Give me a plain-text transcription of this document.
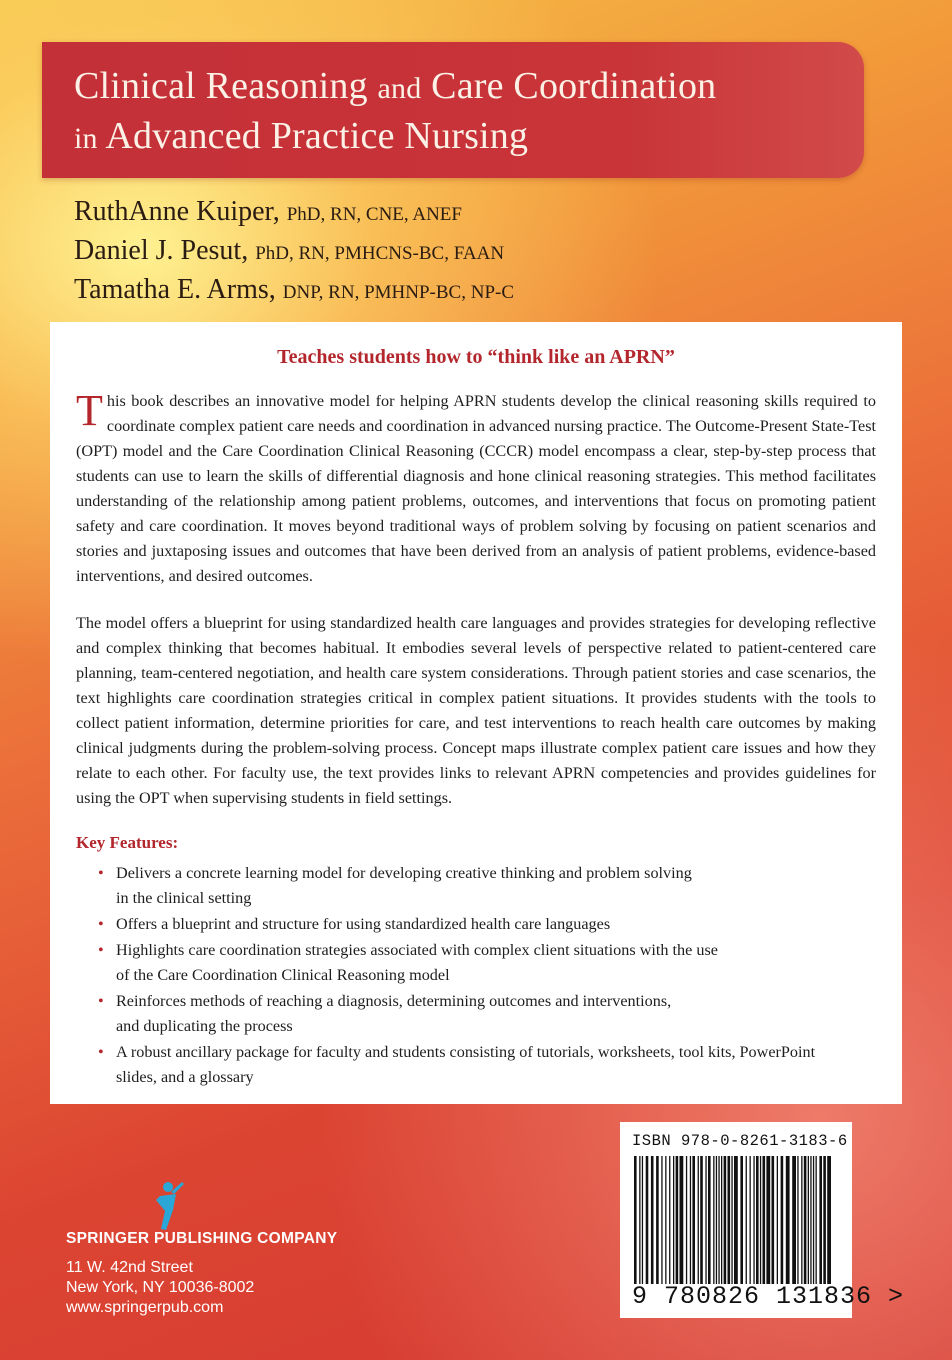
Clinical Reasoning and Care Coordination
in Advanced Practice Nursing
RuthAnne Kuiper, PhD, RN, CNE, ANEF
Daniel J. Pesut, PhD, RN, PMHCNS-BC, FAAN
Tamatha E. Arms, DNP, RN, PMHNP-BC, NP-C
Teaches students how to “think like an APRN”

This book describes an innovative model for helping APRN students develop the clinical reasoning skills required to coordinate complex patient care needs and coordination in advanced nursing practice. The Outcome-Present State-Test (OPT) model and the Care Coordination Clinical Reasoning (CCCR) model encompass a clear, step-by-step process that students can use to learn the skills of differential diagnosis and hone clinical reasoning strategies. This method facilitates understanding of the relationship among patient problems, outcomes, and interventions that focus on promoting patient safety and care coordination. It moves beyond traditional ways of problem solving by focusing on patient scenarios and stories and juxtaposing issues and outcomes that have been derived from an analysis of patient problems, evidence-based interventions, and desired outcomes.

The model offers a blueprint for using standardized health care languages and provides strategies for developing reflective and complex thinking that becomes habitual. It embodies several levels of perspective related to patient-centered care planning, team-centered negotiation, and health care system considerations. Through patient stories and case scenarios, the text highlights care coordination strategies critical in complex patient situations. It provides students with the tools to collect patient information, determine priorities for care, and test interventions to reach health care outcomes by making clinical judgments during the problem-solving process. Concept maps illustrate complex patient care issues and how they relate to each other. For faculty use, the text provides links to relevant APRN competencies and provides guidelines for using the OPT when supervising students in field settings.

Key Features:
• Delivers a concrete learning model for developing creative thinking and problem solving
in the clinical setting
• Offers a blueprint and structure for using standardized health care languages
• Highlights care coordination strategies associated with complex client situations with the use
of the Care Coordination Clinical Reasoning model
• Reinforces methods of reaching a diagnosis, determining outcomes and interventions,
and duplicating the process
• A robust ancillary package for faculty and students consisting of tutorials, worksheets, tool kits, PowerPoint
slides, and a glossary
ISBN 978-0-8261-3183-6
9 780826 131836 >
SPRINGER PUBLISHING COMPANY
11 W. 42nd Street
New York, NY 10036-8002
www.springerpub.com
